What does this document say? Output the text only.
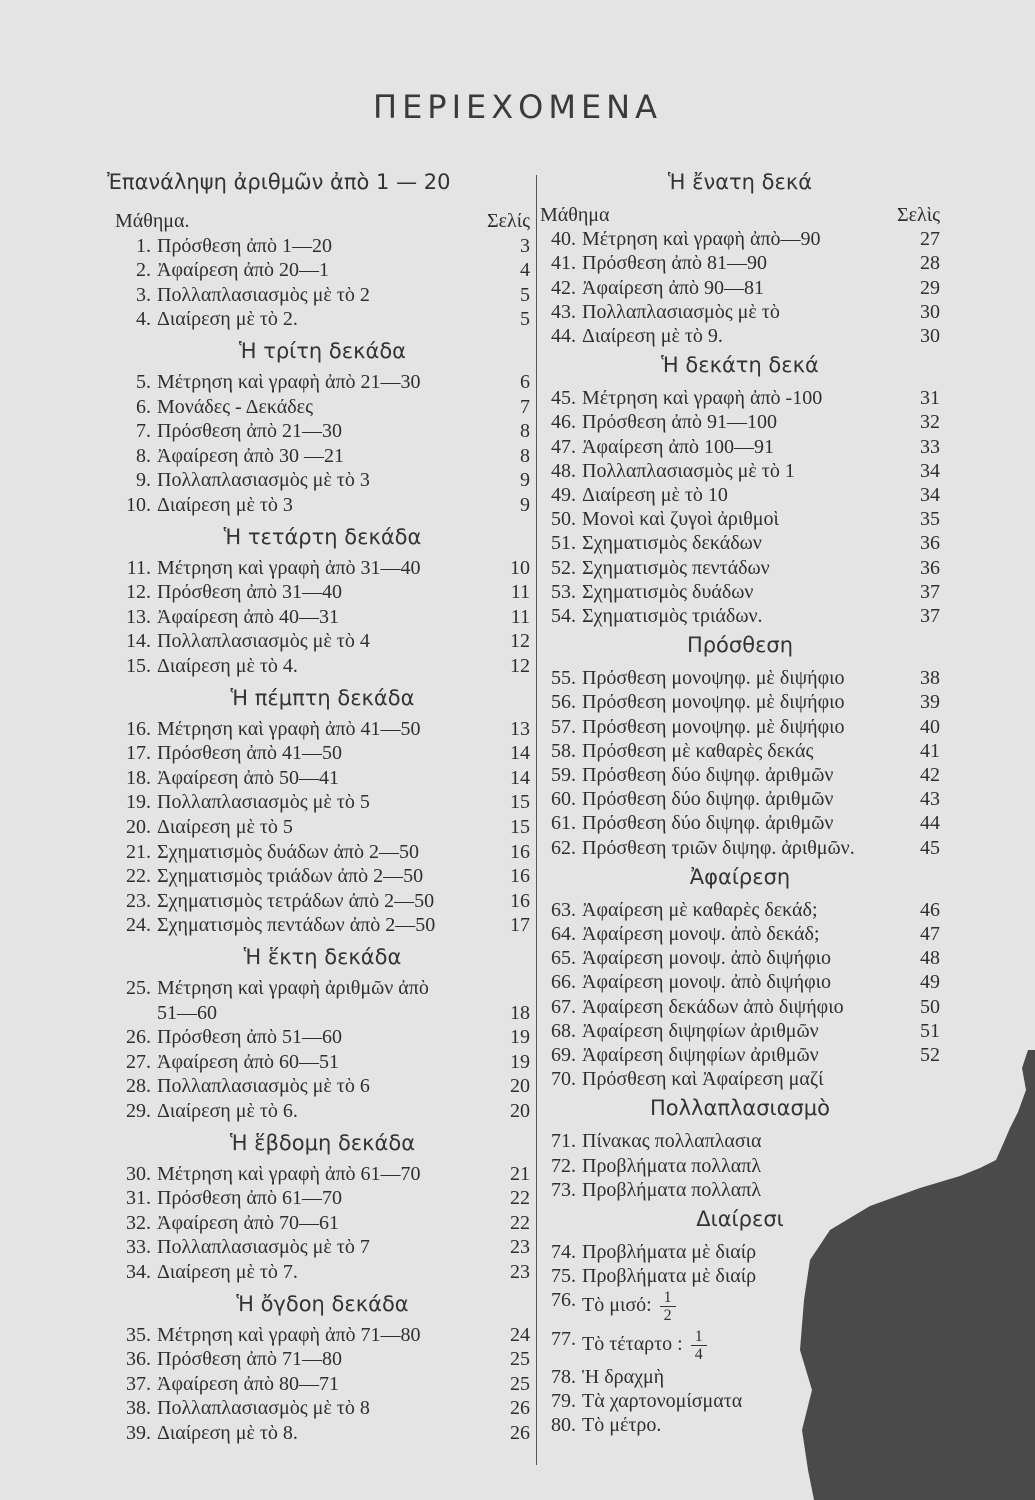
ΠΕΡΙΕΧΟΜΕΝΑ
Ἐπανάληψη ἀριθμῶν ἀπὸ 1 — 20
Μάθημα.	Σελίς
1. Πρόσθεση ἀπὸ 1—20	3
2. Ἀφαίρεση ἀπὸ 20—1	4
3. Πολλαπλασιασμὸς μὲ τὸ 2	5
4. Διαίρεση μὲ τὸ 2.	5
Ἡ τρίτη δεκάδα
5. Μέτρηση καὶ γραφὴ ἀπὸ 21—30	6
6. Μονάδες - Δεκάδες	7
7. Πρόσθεση ἀπὸ 21—30	8
8. Ἀφαίρεση ἀπὸ 30 —21	8
9. Πολλαπλασιασμὸς μὲ τὸ 3	9
10. Διαίρεση μὲ τὸ 3	9
Ἡ τετάρτη δεκάδα
11. Μέτρηση καὶ γραφὴ ἀπὸ 31—40	10
12. Πρόσθεση ἀπὸ 31—40	11
13. Ἀφαίρεση ἀπὸ 40—31	11
14. Πολλαπλασιασμὸς μὲ τὸ 4	12
15. Διαίρεση μὲ τὸ 4.	12
Ἡ πέμπτη δεκάδα
16. Μέτρηση καὶ γραφὴ ἀπὸ 41—50	13
17. Πρόσθεση ἀπὸ 41—50	14
18. Ἀφαίρεση ἀπὸ 50—41	14
19. Πολλαπλασιασμὸς μὲ τὸ 5	15
20. Διαίρεση μὲ τὸ 5	15
21. Σχηματισμὸς δυάδων ἀπὸ 2—50	16
22. Σχηματισμὸς τριάδων ἀπὸ 2—50	16
23. Σχηματισμὸς τετράδων ἀπὸ 2—50	16
24. Σχηματισμὸς πεντάδων ἀπὸ 2—50	17
Ἡ ἕκτη δεκάδα
25. Μέτρηση καὶ γραφὴ ἀριθμῶν ἀπὸ
51—60	18
26. Πρόσθεση ἀπὸ 51—60	19
27. Ἀφαίρεση ἀπὸ 60—51	19
28. Πολλαπλασιασμὸς μὲ τὸ 6	20
29. Διαίρεση μὲ τὸ 6.	20
Ἡ ἕβδομη δεκάδα
30. Μέτρηση καὶ γραφὴ ἀπὸ 61—70	21
31. Πρόσθεση ἀπὸ 61—70	22
32. Ἀφαίρεση ἀπὸ 70—61	22
33. Πολλαπλασιασμὸς μὲ τὸ 7	23
34. Διαίρεση μὲ τὸ 7.	23
Ἡ ὄγδοη δεκάδα
35. Μέτρηση καὶ γραφὴ ἀπὸ 71—80	24
36. Πρόσθεση ἀπὸ 71—80	25
37. Ἀφαίρεση ἀπὸ 80—71	25
38. Πολλαπλασιασμὸς μὲ τὸ 8	26
39. Διαίρεση μὲ τὸ 8.	26
Ἡ ἔνατη δεκά
Μάθημα	Σελὶς
40. Μέτρηση καὶ γραφὴ ἀπὸ—90	27
41. Πρόσθεση ἀπὸ 81—90	28
42. Ἀφαίρεση ἀπὸ 90—81	29
43. Πολλαπλασιασμὸς μὲ τὸ	30
44. Διαίρεση μὲ τὸ 9.	30
Ἡ δεκάτη δεκά
45. Μέτρηση καὶ γραφὴ ἀπὸ -100	31
46. Πρόσθεση ἀπὸ 91—100	32
47. Ἀφαίρεση ἀπὸ 100—91	33
48. Πολλαπλασιασμὸς μὲ τὸ 1	34
49. Διαίρεση μὲ τὸ 10	34
50. Μονοὶ καὶ ζυγοὶ ἀριθμοὶ	35
51. Σχηματισμὸς δεκάδων	36
52. Σχηματισμὸς πεντάδων	36
53. Σχηματισμὸς δυάδων	37
54. Σχηματισμὸς τριάδων.	37
Πρόσθεση
55. Πρόσθεση μονοψηφ. μὲ διψήφιο	38
56. Πρόσθεση μονοψηφ. μὲ διψήφιο	39
57. Πρόσθεση μονοψηφ. μὲ διψήφιο	40
58. Πρόσθεση μὲ καθαρὲς δεκάς	41
59. Πρόσθεση δύο διψηφ. ἀριθμῶν	42
60. Πρόσθεση δύο διψηφ. ἀριθμῶν	43
61. Πρόσθεση δύο διψηφ. ἀριθμῶν	44
62. Πρόσθεση τριῶν διψηφ. ἀριθμῶν.	45
Ἀφαίρεση
63. Ἀφαίρεση μὲ καθαρὲς δεκάδ;	46
64. Ἀφαίρεση μονοψ. ἀπὸ δεκάδ;	47
65. Ἀφαίρεση μονοψ. ἀπὸ διψήφιο	48
66. Ἀφαίρεση μονοψ. ἀπὸ διψήφιο	49
67. Ἀφαίρεση δεκάδων ἀπὸ διψήφιο	50
68. Ἀφαίρεση διψηφίων ἀριθμῶν	51
69. Ἀφαίρεση διψηφίων ἀριθμῶν	52
70. Πρόσθεση καὶ Ἀφαίρεση μαζί
Πολλαπλασιασμὸ
71. Πίνακας πολλαπλασια
72. Προβλήματα πολλαπλ
73. Προβλήματα πολλαπλ
Διαίρεσι
74. Προβλήματα μὲ διαίρ
75. Προβλήματα μὲ διαίρ
76. Τὸ μισό: $\frac{1}{2}$
77. Τὸ τέταρτο : $\frac{1}{4}$
78. Ἡ δραχμὴ
79. Τὰ χαρτονομίσματα
80. Τὸ μέτρο.
